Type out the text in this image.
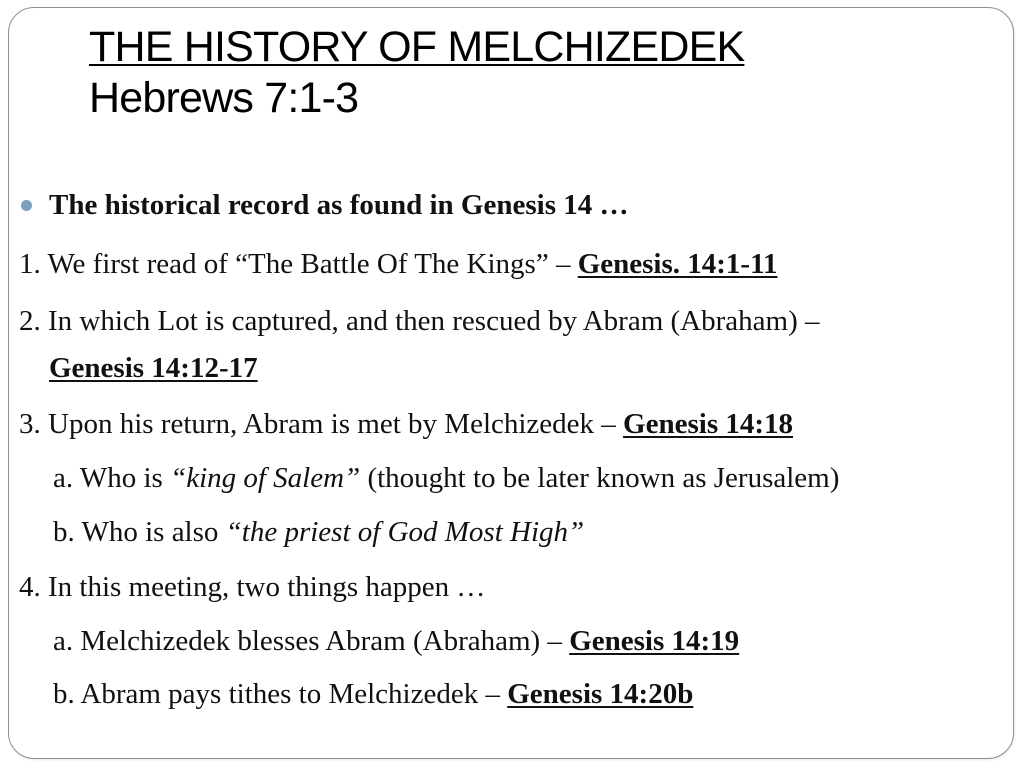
THE HISTORY OF MELCHIZEDEK
Hebrews 7:1-3
The historical record as found in Genesis 14 …
1. We first read of “The Battle Of The Kings” – Genesis. 14:1-11
2. In which Lot is captured, and then rescued by Abram (Abraham) –
Genesis 14:12-17
3. Upon his return, Abram is met by Melchizedek – Genesis 14:18
a. Who is “king of Salem” (thought to be later known as Jerusalem)
b. Who is also “the priest of God Most High”
4. In this meeting, two things happen …
a. Melchizedek blesses Abram (Abraham) – Genesis 14:19
b. Abram pays tithes to Melchizedek – Genesis 14:20b
